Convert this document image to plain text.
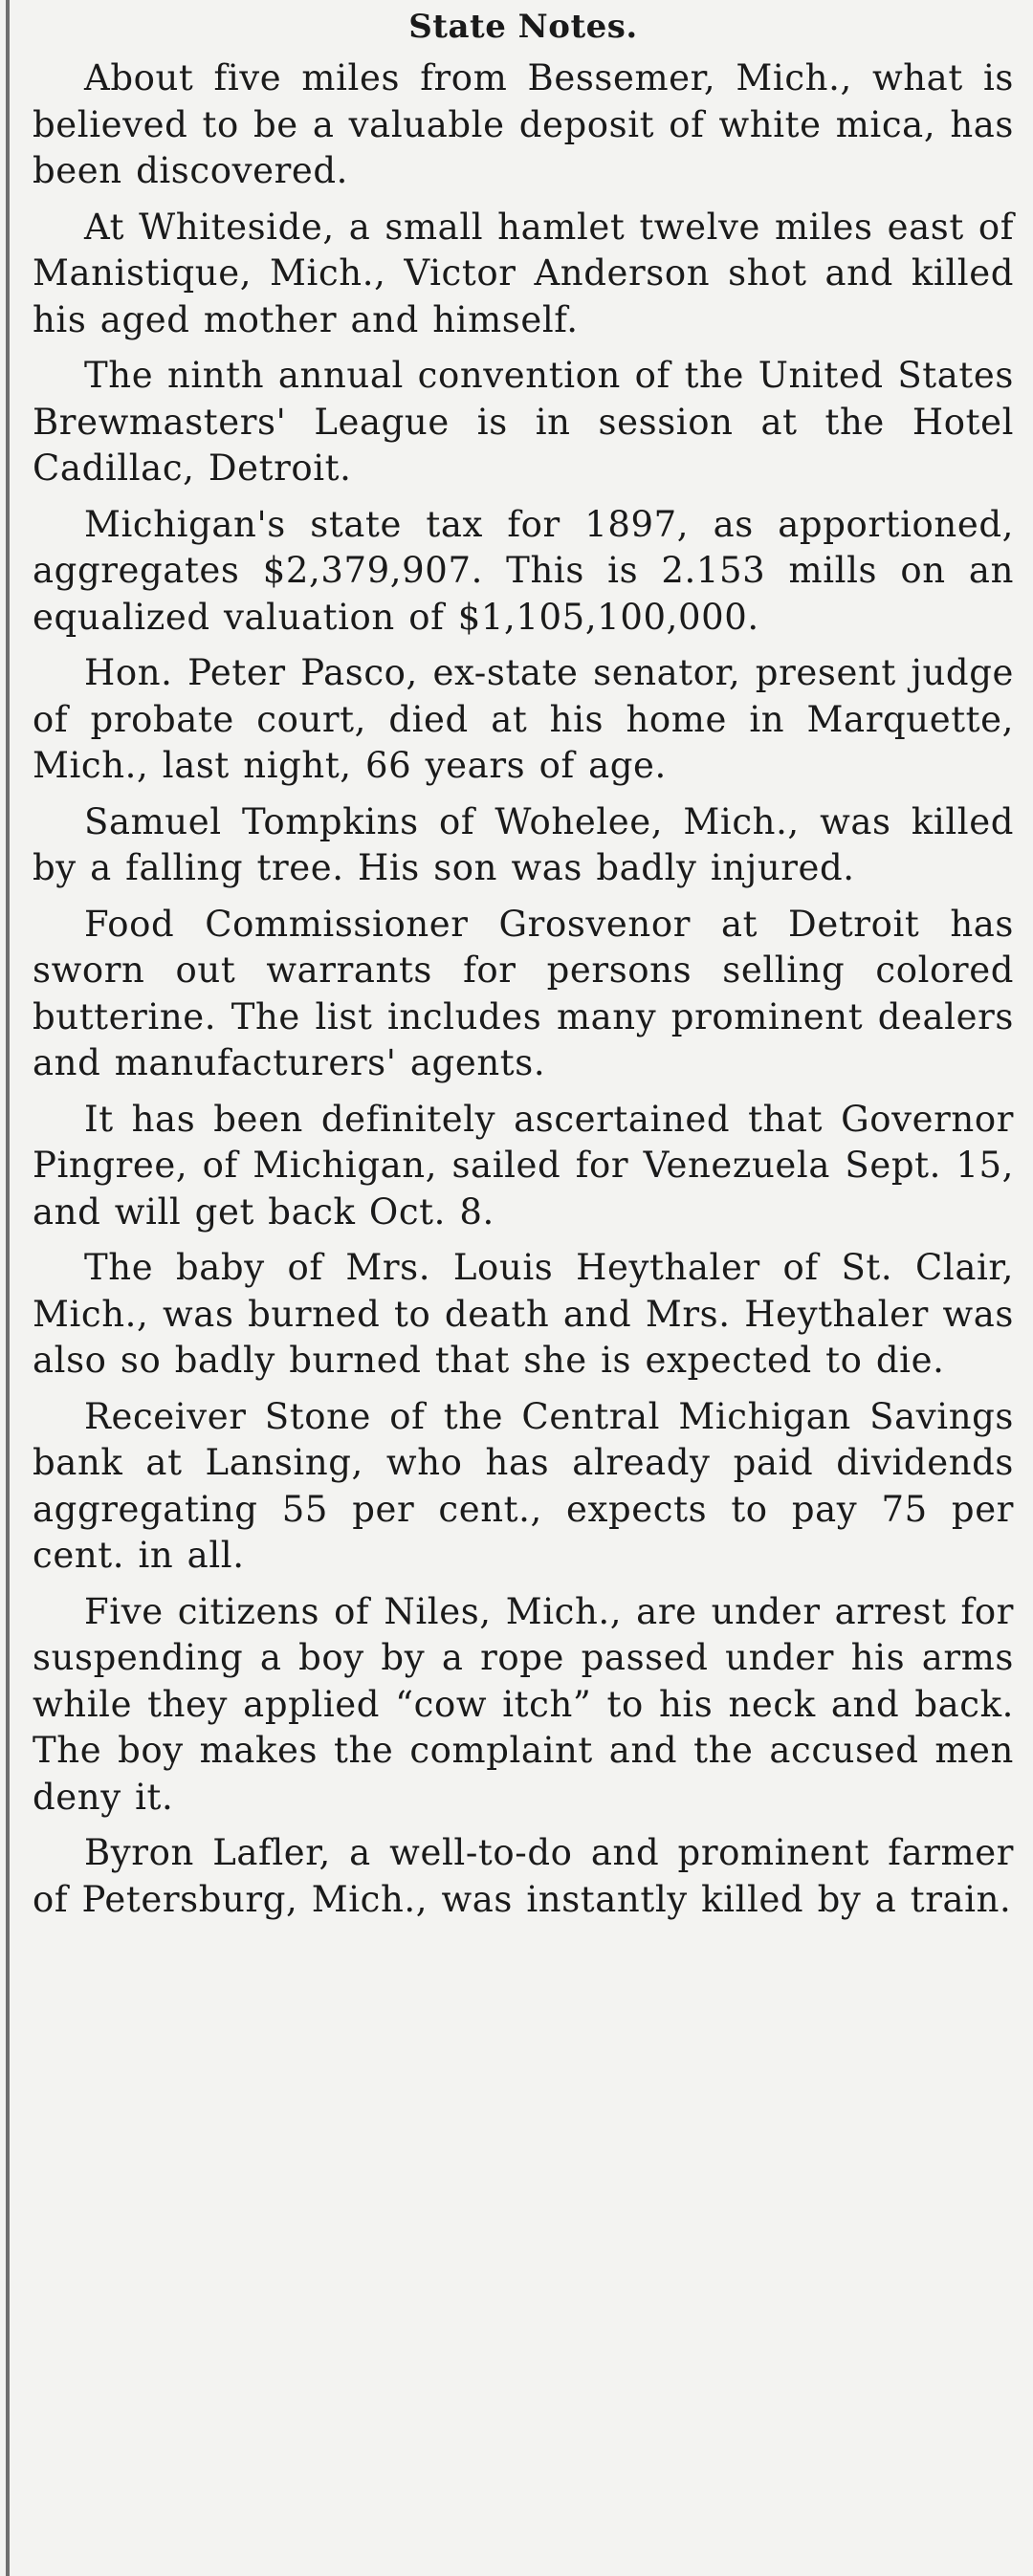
State Notes.

About five miles from Bessemer, Mich., what is believed to be a valuable deposit of white mica, has been discovered.

At Whiteside, a small hamlet twelve miles east of Manistique, Mich., Victor Anderson shot and killed his aged mother and himself.

The ninth annual convention of the United States Brewmasters' League is in session at the Hotel Cadillac, Detroit.

Michigan's state tax for 1897, as apportioned, aggregates $2,379,907. This is 2.153 mills on an equalized valuation of $1,105,100,000.

Hon. Peter Pasco, ex-state senator, present judge of probate court, died at his home in Marquette, Mich., last night, 66 years of age.

Samuel Tompkins of Wohelee, Mich., was killed by a falling tree. His son was badly injured.

Food Commissioner Grosvenor at Detroit has sworn out warrants for persons selling colored butterine. The list includes many prominent dealers and manufacturers' agents.

It has been definitely ascertained that Governor Pingree, of Michigan, sailed for Venezuela Sept. 15, and will get back Oct. 8.

The baby of Mrs. Louis Heythaler of St. Clair, Mich., was burned to death and Mrs. Heythaler was also so badly burned that she is expected to die.

Receiver Stone of the Central Michigan Savings bank at Lansing, who has already paid dividends aggregating 55 per cent., expects to pay 75 per cent. in all.

Five citizens of Niles, Mich., are under arrest for suspending a boy by a rope passed under his arms while they applied “cow itch” to his neck and back. The boy makes the complaint and the accused men deny it.

Byron Lafler, a well-to-do and prominent farmer of Petersburg, Mich., was instantly killed by a train.
